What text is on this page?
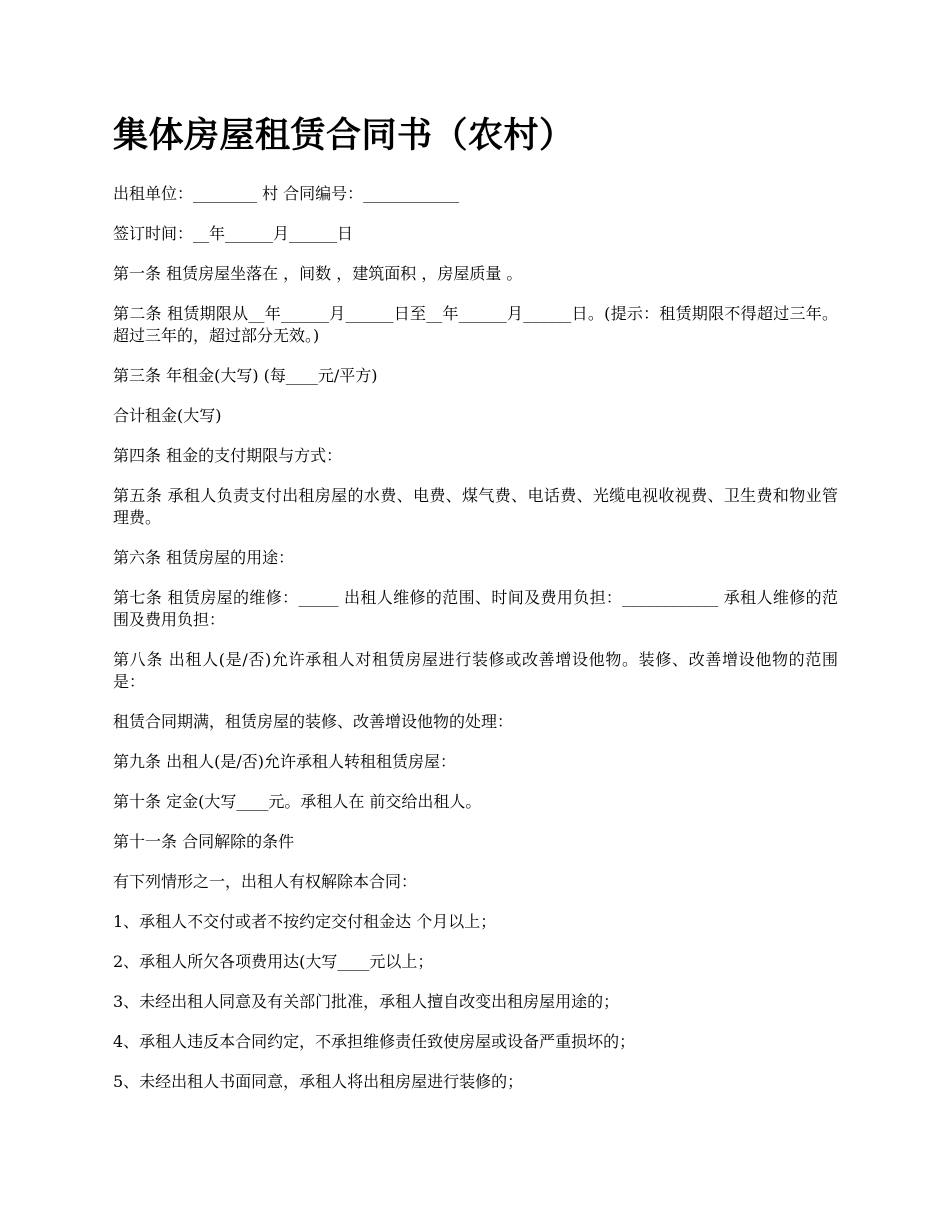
集体房屋租赁合同书（农村）

出租单位：________ 村 合同编号：____________

签订时间：__年______月______日

第一条 租赁房屋坐落在 ，间数 ，建筑面积 ，房屋质量 。

第二条 租赁期限从__年______月______日至__年______月______日。(提示：租赁期限不得超过三年。超过三年的，超过部分无效。)

第三条 年租金(大写) (每____元/平方)

合计租金(大写)

第四条 租金的支付期限与方式：

第五条 承租人负责支付出租房屋的水费、电费、煤气费、电话费、光缆电视收视费、卫生费和物业管理费。

第六条 租赁房屋的用途：

第七条 租赁房屋的维修：_____ 出租人维修的范围、时间及费用负担：____________ 承租人维修的范围及费用负担：

第八条 出租人(是/否)允许承租人对租赁房屋进行装修或改善增设他物。装修、改善增设他物的范围是：

租赁合同期满，租赁房屋的装修、改善增设他物的处理：

第九条 出租人(是/否)允许承租人转租租赁房屋：

第十条 定金(大写____元。承租人在 前交给出租人。

第十一条 合同解除的条件

有下列情形之一，出租人有权解除本合同：

1、承租人不交付或者不按约定交付租金达 个月以上；

2、承租人所欠各项费用达(大写____元以上；

3、未经出租人同意及有关部门批准，承租人擅自改变出租房屋用途的；

4、承租人违反本合同约定，不承担维修责任致使房屋或设备严重损坏的；

5、未经出租人书面同意，承租人将出租房屋进行装修的；
